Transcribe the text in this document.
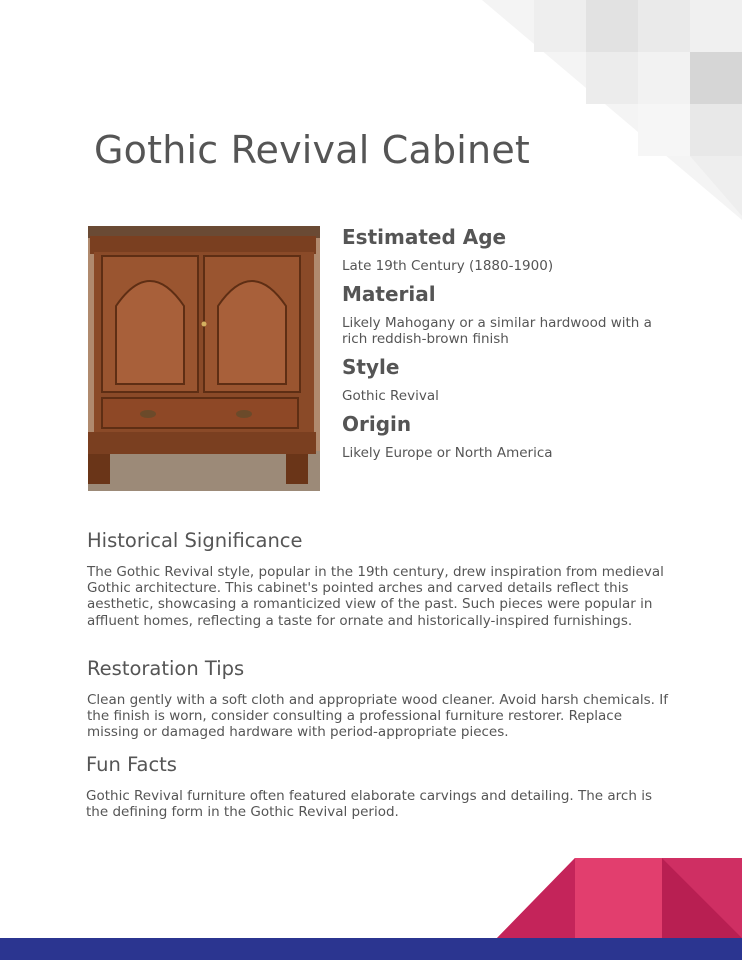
Gothic Revival Cabinet
Estimated Age

Late 19th Century (1880-1900)

Material

Likely Mahogany or a similar hardwood with a rich reddish-brown finish

Style

Gothic Revival

Origin

Likely Europe or North America

Historical Significance

The Gothic Revival style, popular in the 19th century, drew inspiration from medieval Gothic architecture. This cabinet's pointed arches and carved details reflect this aesthetic, showcasing a romanticized view of the past. Such pieces were popular in affluent homes, reflecting a taste for ornate and historically-inspired furnishings.

Restoration Tips

Clean gently with a soft cloth and appropriate wood cleaner. Avoid harsh chemicals. If the finish is worn, consider consulting a professional furniture restorer. Replace missing or damaged hardware with period-appropriate pieces.

Fun Facts

Gothic Revival furniture often featured elaborate carvings and detailing. The arch is the defining form in the Gothic Revival period.
